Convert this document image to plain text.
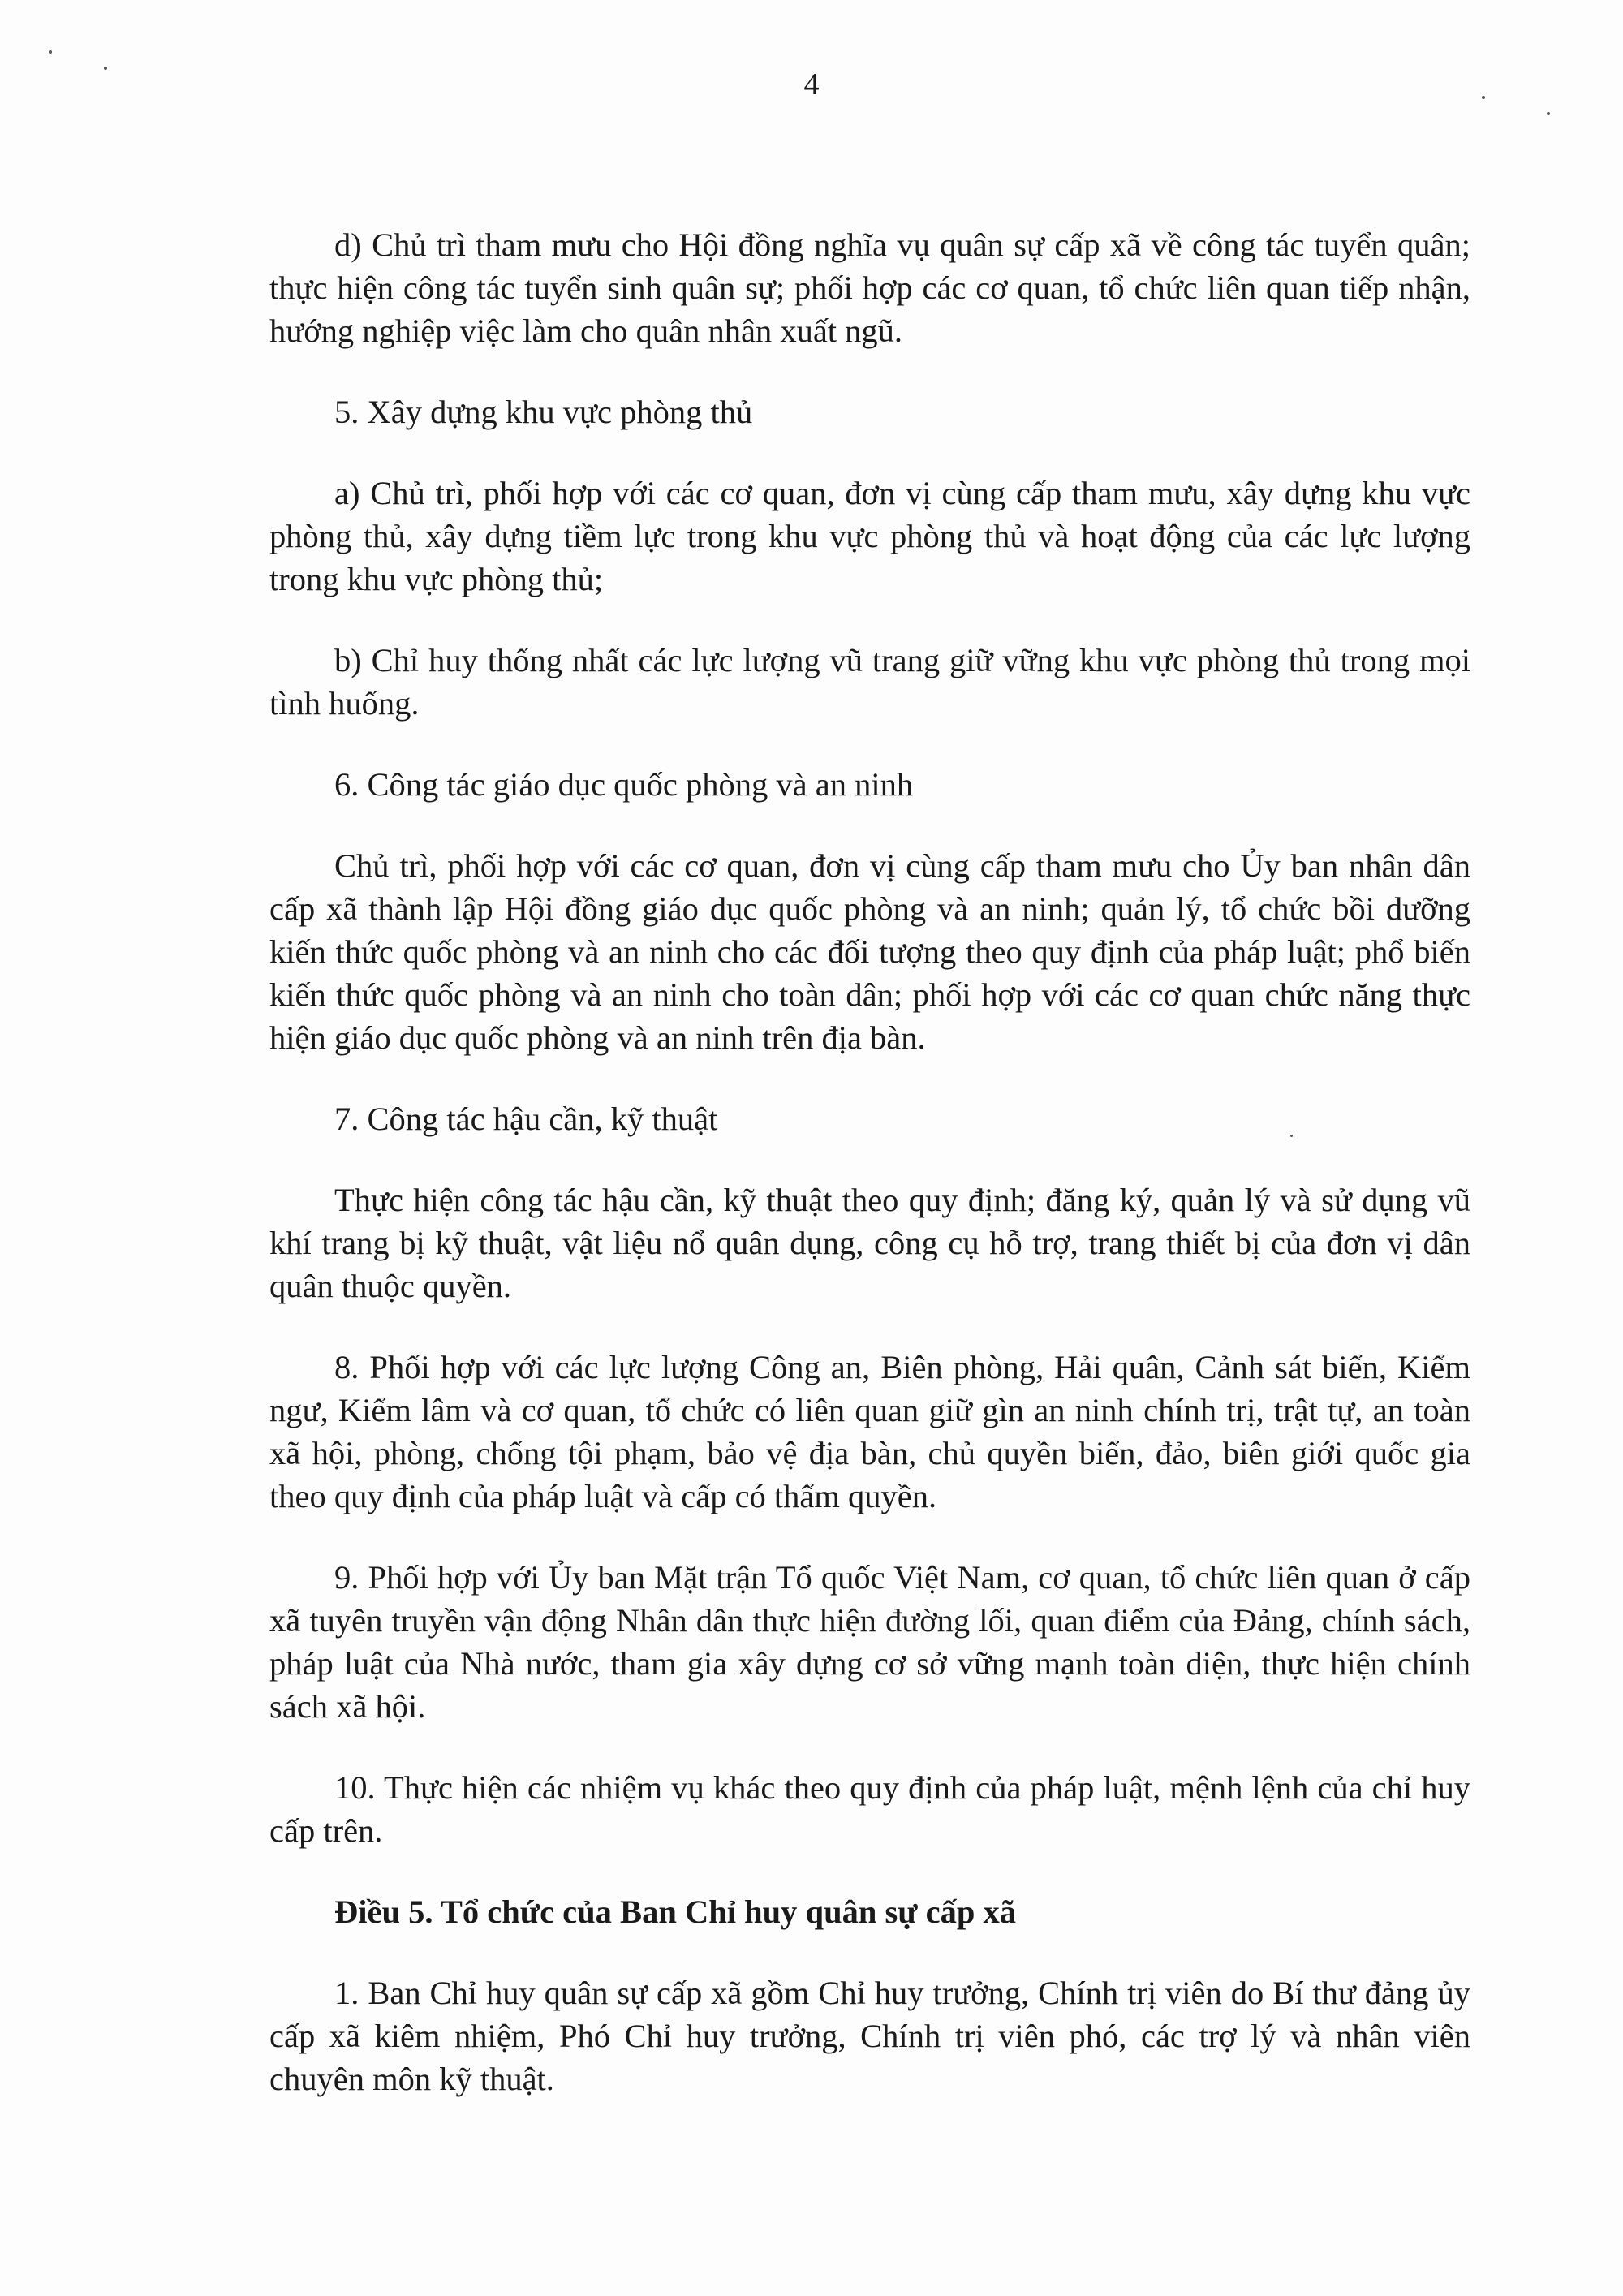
4

d) Chủ trì tham mưu cho Hội đồng nghĩa vụ quân sự cấp xã về công tác tuyển quân; thực hiện công tác tuyển sinh quân sự; phối hợp các cơ quan, tổ chức liên quan tiếp nhận, hướng nghiệp việc làm cho quân nhân xuất ngũ.

5. Xây dựng khu vực phòng thủ

a) Chủ trì, phối hợp với các cơ quan, đơn vị cùng cấp tham mưu, xây dựng khu vực phòng thủ, xây dựng tiềm lực trong khu vực phòng thủ và hoạt động của các lực lượng trong khu vực phòng thủ;

b) Chỉ huy thống nhất các lực lượng vũ trang giữ vững khu vực phòng thủ trong mọi tình huống.

6. Công tác giáo dục quốc phòng và an ninh

Chủ trì, phối hợp với các cơ quan, đơn vị cùng cấp tham mưu cho Ủy ban nhân dân cấp xã thành lập Hội đồng giáo dục quốc phòng và an ninh; quản lý, tổ chức bồi dưỡng kiến thức quốc phòng và an ninh cho các đối tượng theo quy định của pháp luật; phổ biến kiến thức quốc phòng và an ninh cho toàn dân; phối hợp với các cơ quan chức năng thực hiện giáo dục quốc phòng và an ninh trên địa bàn.

7. Công tác hậu cần, kỹ thuật

Thực hiện công tác hậu cần, kỹ thuật theo quy định; đăng ký, quản lý và sử dụng vũ khí trang bị kỹ thuật, vật liệu nổ quân dụng, công cụ hỗ trợ, trang thiết bị của đơn vị dân quân thuộc quyền.

8. Phối hợp với các lực lượng Công an, Biên phòng, Hải quân, Cảnh sát biển, Kiểm ngư, Kiểm lâm và cơ quan, tổ chức có liên quan giữ gìn an ninh chính trị, trật tự, an toàn xã hội, phòng, chống tội phạm, bảo vệ địa bàn, chủ quyền biển, đảo, biên giới quốc gia theo quy định của pháp luật và cấp có thẩm quyền.

9. Phối hợp với Ủy ban Mặt trận Tổ quốc Việt Nam, cơ quan, tổ chức liên quan ở cấp xã tuyên truyền vận động Nhân dân thực hiện đường lối, quan điểm của Đảng, chính sách, pháp luật của Nhà nước, tham gia xây dựng cơ sở vững mạnh toàn diện, thực hiện chính sách xã hội.

10. Thực hiện các nhiệm vụ khác theo quy định của pháp luật, mệnh lệnh của chỉ huy cấp trên.

Điều 5. Tổ chức của Ban Chỉ huy quân sự cấp xã

1. Ban Chỉ huy quân sự cấp xã gồm Chỉ huy trưởng, Chính trị viên do Bí thư đảng ủy cấp xã kiêm nhiệm, Phó Chỉ huy trưởng, Chính trị viên phó, các trợ lý và nhân viên chuyên môn kỹ thuật.
